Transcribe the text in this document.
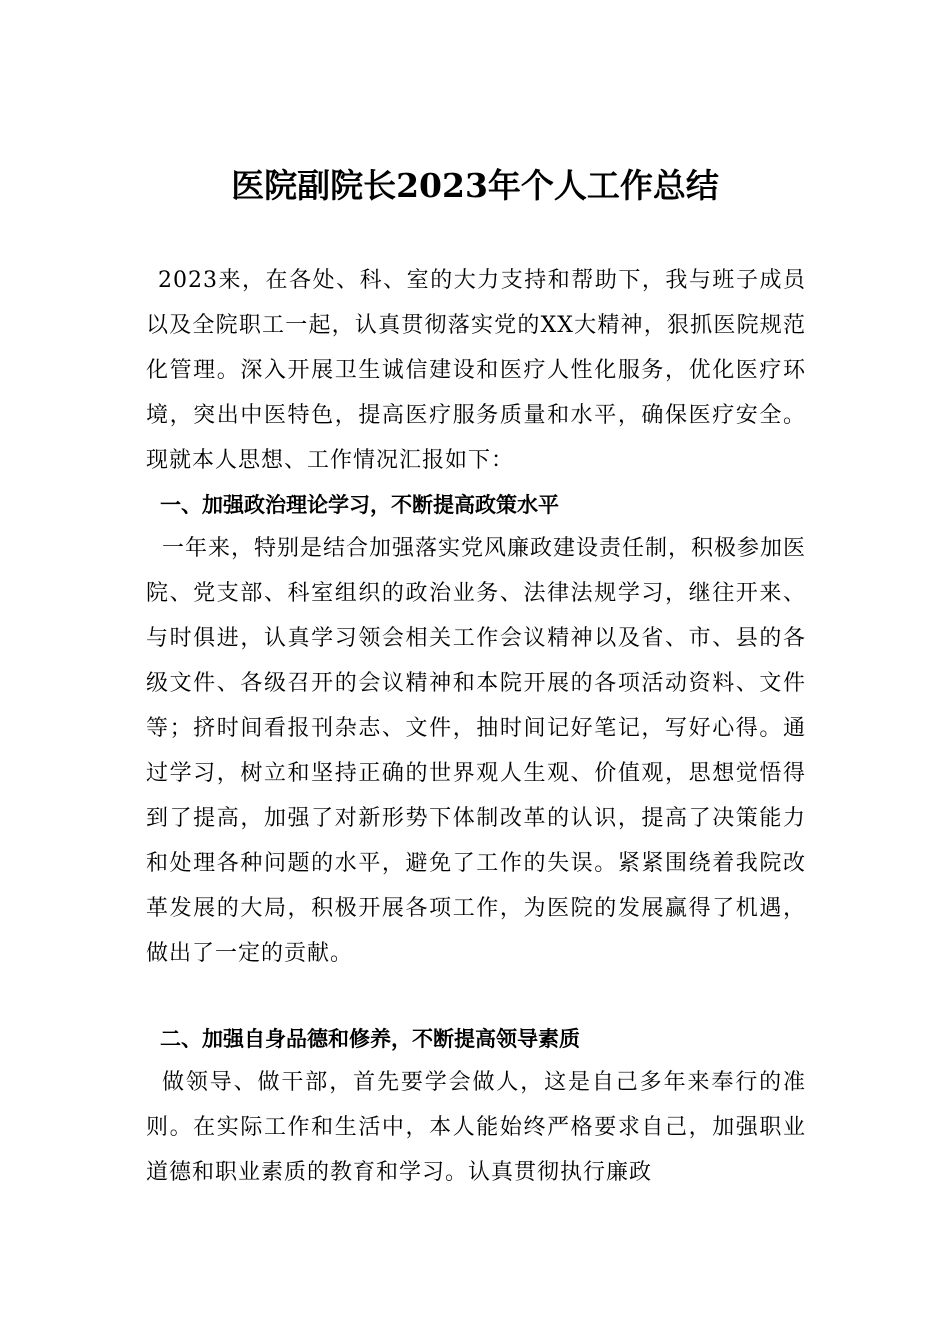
医院副院长2023年个人工作总结
2023来，在各处、科、室的大力支持和帮助下，我与班子成员以及全院职工一起，认真贯彻落实党的XX大精神，狠抓医院规范化管理。深入开展卫生诚信建设和医疗人性化服务，优化医疗环境，突出中医特色，提高医疗服务质量和水平，确保医疗安全。现就本人思想、工作情况汇报如下：
一、加强政治理论学习，不断提高政策水平
一年来，特别是结合加强落实党风廉政建设责任制，积极参加医院、党支部、科室组织的政治业务、法律法规学习，继往开来、与时俱进，认真学习领会相关工作会议精神以及省、市、县的各级文件、各级召开的会议精神和本院开展的各项活动资料、文件等；挤时间看报刊杂志、文件，抽时间记好笔记，写好心得。通过学习，树立和坚持正确的世界观人生观、价值观，思想觉悟得到了提高，加强了对新形势下体制改革的认识，提高了决策能力和处理各种问题的水平，避免了工作的失误。紧紧围绕着我院改革发展的大局，积极开展各项工作，为医院的发展赢得了机遇，做出了一定的贡献。
二、加强自身品德和修养，不断提高领导素质
做领导、做干部，首先要学会做人，这是自己多年来奉行的准则。在实际工作和生活中，本人能始终严格要求自己，加强职业道德和职业素质的教育和学习。认真贯彻执行廉政
